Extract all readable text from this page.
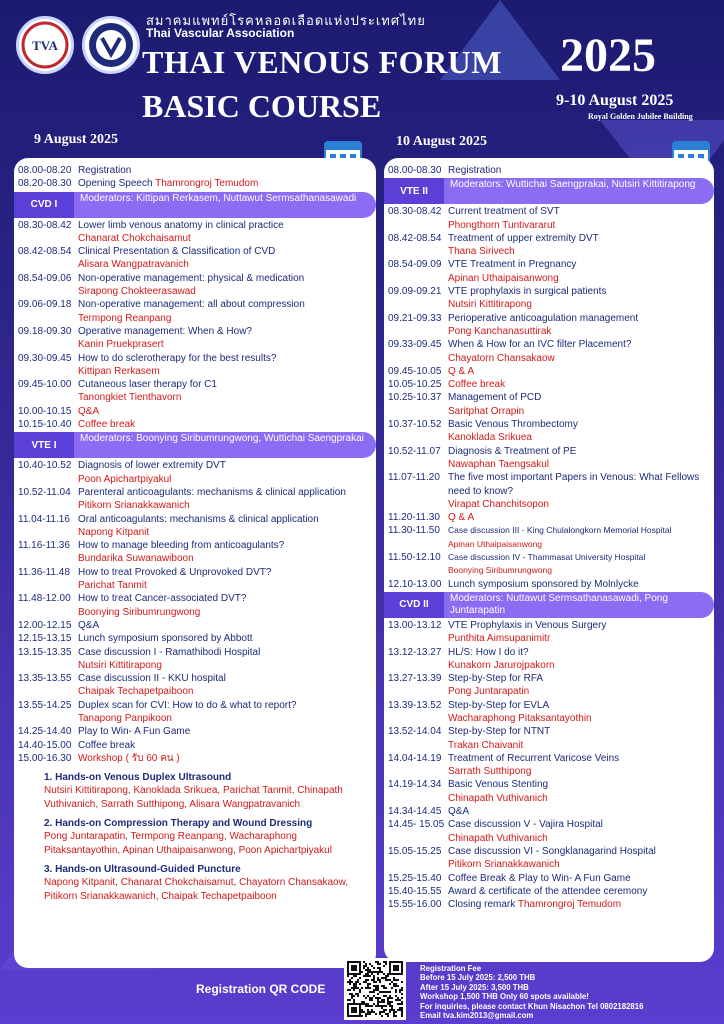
TVA
สมาคมแพทย์โรคหลอดเลือดแห่งประเทศไทย
Thai Vascular Association
THAI VENOUS FORUM 2025
BASIC COURSE	9-10 August 2025
Royal Golden Jubilee Building
9 August 2025	10 August 2025
08.00-08.20 Registration
08.20-08.30 Opening Speech Thamrongroj Temudom
CVD I
Moderators: Kittipan Rerkasem, Nuttawut Sermsathanasawadi
08.30-08.42 Lower limb venous anatomy in clinical practice
Chanarat Chokchaisamut
08.42-08.54 Clinical Presentation & Classification of CVD
Alisara Wangpatravanich
08.54-09.06 Non-operative management: physical & medication
Sirapong Chokteerasawad
09.06-09.18 Non-operative management: all about compression
Termpong Reanpang
09.18-09.30 Operative management: When & How?
Kanin Pruekprasert
09.30-09.45 How to do sclerotherapy for the best results?
Kittipan Rerkasem
09.45-10.00 Cutaneous laser therapy for C1
Tanongkiet Tienthavorn
10.00-10.15 Q&A
10.15-10.40 Coffee break
VTE I
Moderators: Boonying Siribumrungwong, Wuttichai Saengprakai
10.40-10.52 Diagnosis of lower extremity DVT
Poon Apichartpiyakul
10.52-11.04 Parenteral anticoagulants: mechanisms & clinical application
Pitikorn Srianakkawanich
11.04-11.16 Oral anticoagulants: mechanisms & clinical application
Napong Kitpanit
11.16-11.36 How to manage bleeding from anticoagulants?
Bundarika Suwanawiboon
11.36-11.48 How to treat Provoked & Unprovoked DVT?
Parichat Tanmit
11.48-12.00 How to treat Cancer-associated DVT?
Boonying Siribumrungwong
12.00-12.15 Q&A
12.15-13.15 Lunch symposium sponsored by Abbott
13.15-13.35 Case discussion I - Ramathibodi Hospital
Nutsiri Kittitirapong
13.35-13.55 Case discussion II - KKU hospital
Chaipak Techapetpaiboon
13.55-14.25 Duplex scan for CVI: How to do & what to report?
Tanapong Panpikoon
14.25-14.40 Play to Win- A Fun Game
14.40-15.00 Coffee break
15.00-16.30 Workshop ( รับ 60 คน )
1. Hands-on Venous Duplex Ultrasound
Nutsiri Kittitirapong, Kanoklada Srikuea, Parichat Tanmit, Chinapath Vuthivanich, Sarrath Sutthipong, Alisara Wangpatravanich
2. Hands-on Compression Therapy and Wound Dressing
Pong Juntarapatin, Termpong Reanpang, Wacharaphong Pitaksantayothin, Apinan Uthaipaisanwong, Poon Apichartpiyakul
3. Hands-on Ultrasound-Guided Puncture
Napong Kitpanit, Chanarat Chokchaisamut, Chayatorn Chansakaow, Pitikorn Srianakkawanich, Chaipak Techapetpaiboon
08.00-08.30 Registration
VTE II
Moderators: Wuttichai Saengprakai, Nutsiri Kittitirapong
08.30-08.42 Current treatment of SVT
Phongthorn Tuntivararut
08.42-08.54 Treatment of upper extremity DVT
Thana Sirivech
08.54-09.09 VTE Treatment in Pregnancy
Apinan Uthaipaisanwong
09.09-09.21 VTE prophylaxis in surgical patients
Nutsiri Kittitirapong
09.21-09.33 Perioperative anticoagulation management
Pong Kanchanasuttirak
09.33-09.45 When & How for an IVC filter Placement?
Chayatorn Chansakaow
09.45-10.05 Q & A
10.05-10.25 Coffee break
10.25-10.37 Management of PCD
Saritphat Orrapin
10.37-10.52 Basic Venous Thrombectomy
Kanoklada Srikuea
10.52-11.07 Diagnosis & Treatment of PE
Nawaphan Taengsakul
11.07-11.20 The five most important Papers in Venous: What Fellows need to know?
Virapat Chanchitsopon
11.20-11.30 Q & A
11.30-11.50 Case discussion III - King Chulalongkorn Memorial Hospital
Apinan Uthaipaisanwong
11.50-12.10 Case discussion IV - Thammasat University Hospital
Boonying Siribumrungwong
12.10-13.00 Lunch symposium sponsored by Molnlycke
CVD II
Moderators: Nuttawut Sermsathanasawadi, Pong Juntarapatin
13.00-13.12 VTE Prophylaxis in Venous Surgery
Punthita Aimsupanimitr
13.12-13.27 HL/S: How I do it?
Kunakorn Jarurojpakorn
13.27-13.39 Step-by-Step for RFA
Pong Juntarapatin
13.39-13.52 Step-by-Step for EVLA
Wacharaphong Pitaksantayothin
13.52-14.04 Step-by-Step for NTNT
Trakan Chaivanit
14.04-14.19 Treatment of Recurrent Varicose Veins
Sarrath Sutthipong
14.19-14.34 Basic Venous Stenting
Chinapath Vuthivanich
14.34-14.45 Q&A
14.45- 15.05 Case discussion V - Vajira Hospital
Chinapath Vuthivanich
15.05-15.25 Case discussion VI - Songklanagarind Hospital
Pitikorn Srianakkawanich
15.25-15.40 Coffee Break & Play to Win- A Fun Game
15.40-15.55 Award & certificate of the attendee ceremony
15.55-16.00 Closing remark Thamrongroj Temudom
Registration QR CODE
Registration Fee
Before 15 July 2025: 2,500 THB
After 15 July 2025: 3,500 THB
Workshop 1,500 THB Only 60 spots available!
For inquiries, please contact Khun Nisachon Tel 0802182816
Email tva.kim2013@gmail.com
